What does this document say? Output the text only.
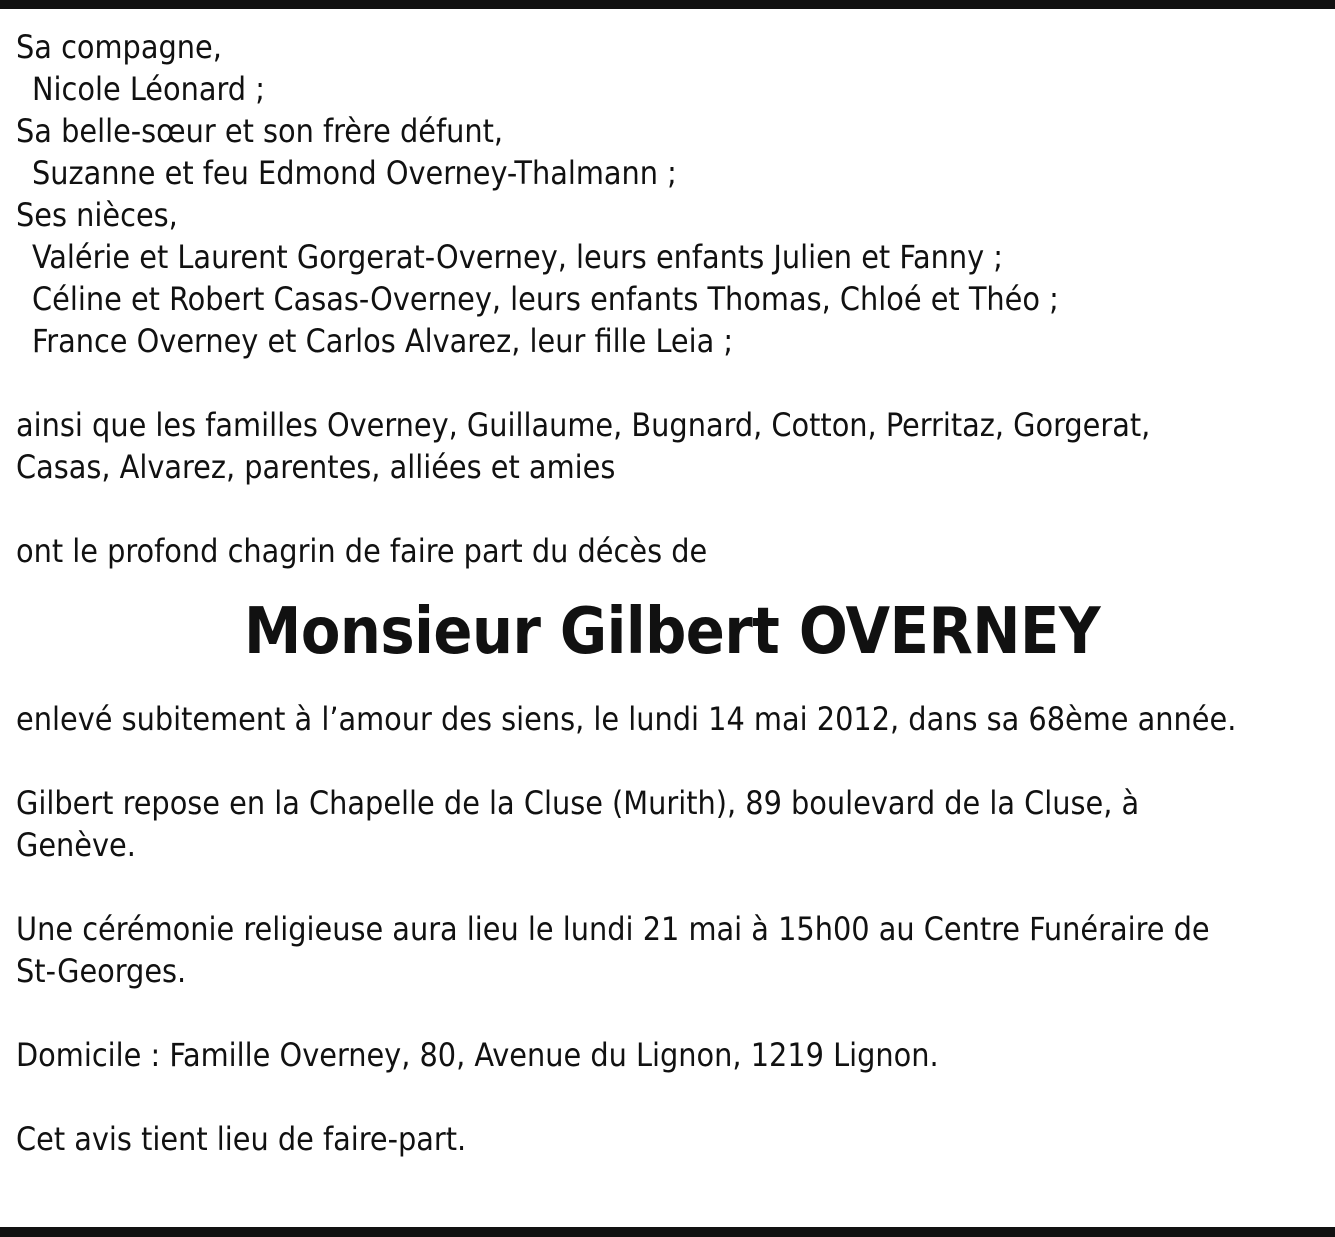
Sa compagne,

Nicole Léonard ;

Sa belle-sœur et son frère défunt,

Suzanne et feu Edmond Overney-Thalmann ;

Ses nièces,

Valérie et Laurent Gorgerat-Overney, leurs enfants Julien et Fanny ;

Céline et Robert Casas-Overney, leurs enfants Thomas, Chloé et Théo ;

France Overney et Carlos Alvarez, leur fille Leia ;

ainsi que les familles Overney, Guillaume, Bugnard, Cotton, Perritaz, Gorgerat,

Casas, Alvarez, parentes, alliées et amies

ont le profond chagrin de faire part du décès de

Monsieur Gilbert OVERNEY

enlevé subitement à l’amour des siens, le lundi 14 mai 2012, dans sa 68ème année.

Gilbert repose en la Chapelle de la Cluse (Murith), 89 boulevard de la Cluse, à

Genève.

Une cérémonie religieuse aura lieu le lundi 21 mai à 15h00 au Centre Funéraire de

St-Georges.

Domicile : Famille Overney, 80, Avenue du Lignon, 1219 Lignon.

Cet avis tient lieu de faire-part.
